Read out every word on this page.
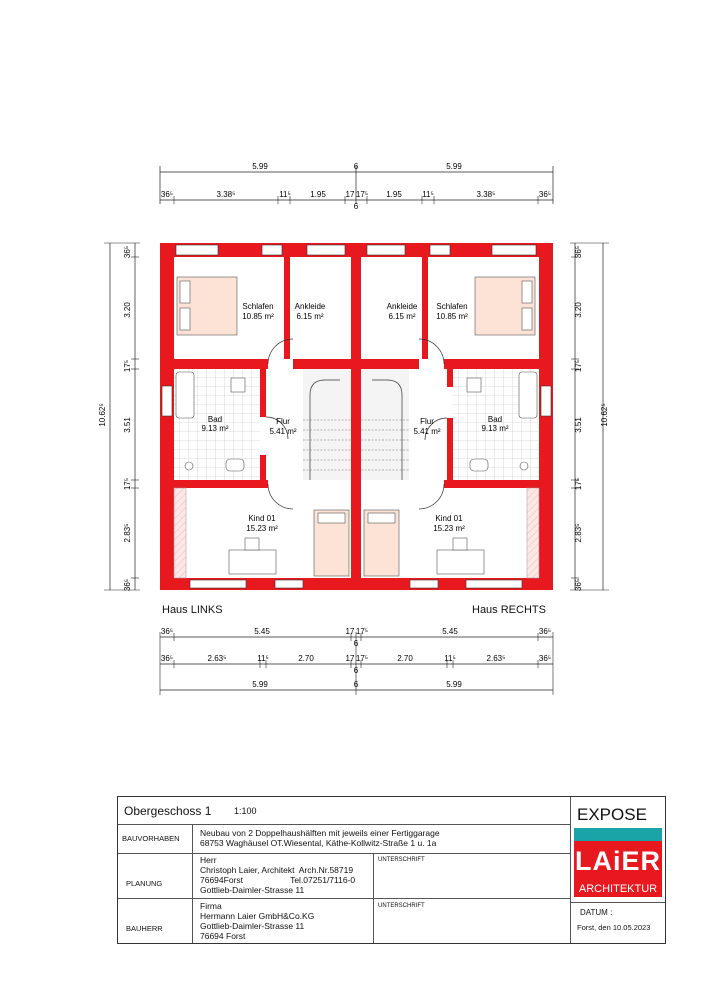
5.99	5.99
6
36⁵	3.38⁵	11⁵ 1.95 17 17⁵ 1.95	11⁵	3.38⁵	36⁵
6
10.62⁵	10.62⁵
36⁵
3.20
17⁵
3.51
17⁵
2.83⁵
36⁵
36⁵
3.20
17⁵
3.51
17⁵
2.83⁵
36⁵
Schlafen
10.85 m²
Ankleide
6.15 m²
Ankleide
6.15 m²
Schlafen
10.85 m²
Bad
9.13 m²
Flur
5.41 m²
Flur
5.41 m²
Bad
9.13 m²
Kind 01
15.23 m²
Kind 01
15.23 m²
36⁵	5.45	17 17⁵	5.45	36⁵
6
36⁵	2.63⁵	11⁵	2.70	17 17⁵	2.70	11⁵	2.63⁵	36⁵
6
5.99	6	5.99
Haus LINKS	Haus RECHTS
Obergeschoss 1	1:100	EXPOSE
BAUVORHABEN
Neubau von 2 Doppelhaushälften mit jeweils einer Fertiggarage
68753 Waghäusel OT.Wiesental, Käthe-Kollwitz-Straße 1 u. 1a
PLANUNG
Herr
Christoph Laier, Architekt  Arch.Nr.58719
76694Forst                    Tel.07251/7116-0
Gottlieb-Daimler-Strasse 11
UNTERSCHRIFT
BAUHERR
Firma
Hermann Laier GmbH&Co.KG
Gottlieb-Daimler-Strasse 11
76694 Forst
UNTERSCHRIFT
DATUM :
Forst, den 10.05.2023
LAiER
ARCHITEKTUR
